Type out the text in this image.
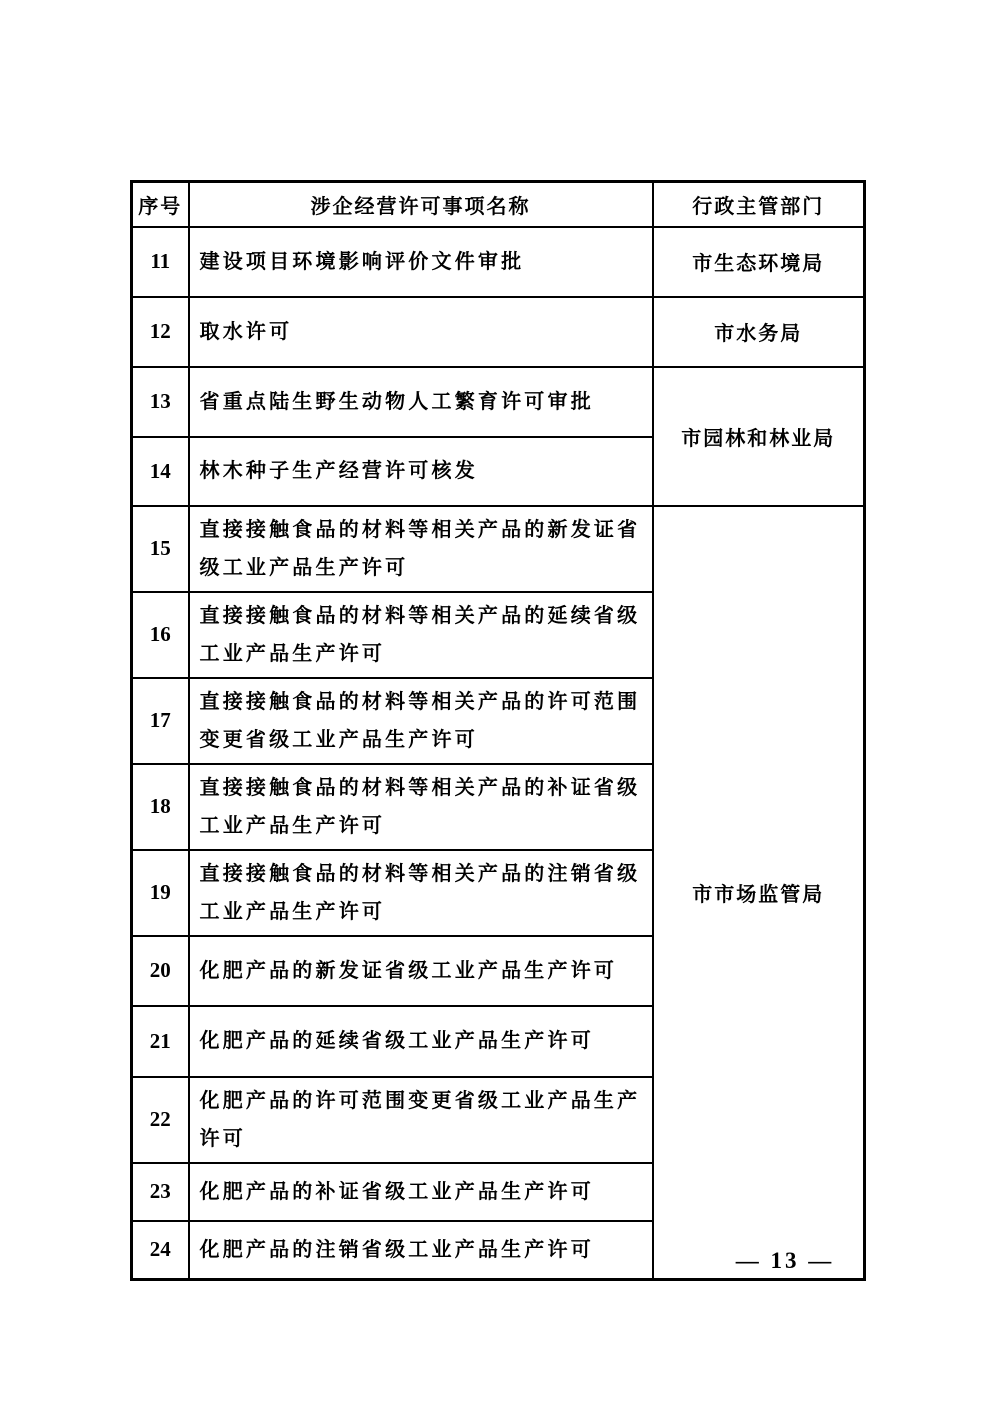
序号	涉企经营许可事项名称	行政主管部门
11	建设项目环境影响评价文件审批	市生态环境局
12	取水许可	市水务局
13	省重点陆生野生动物人工繁育许可审批	市园林和林业局
14	林木种子生产经营许可核发	
15	直接接触食品的材料等相关产品的新发证省级工业产品生产许可	市市场监管局
16	直接接触食品的材料等相关产品的延续省级工业产品生产许可	
17	直接接触食品的材料等相关产品的许可范围变更省级工业产品生产许可	
18	直接接触食品的材料等相关产品的补证省级工业产品生产许可	
19	直接接触食品的材料等相关产品的注销省级工业产品生产许可	
20	化肥产品的新发证省级工业产品生产许可	
21	化肥产品的延续省级工业产品生产许可	
22	化肥产品的许可范围变更省级工业产品生产许可	
23	化肥产品的补证省级工业产品生产许可	
24	化肥产品的注销省级工业产品生产许可		— 13 —
